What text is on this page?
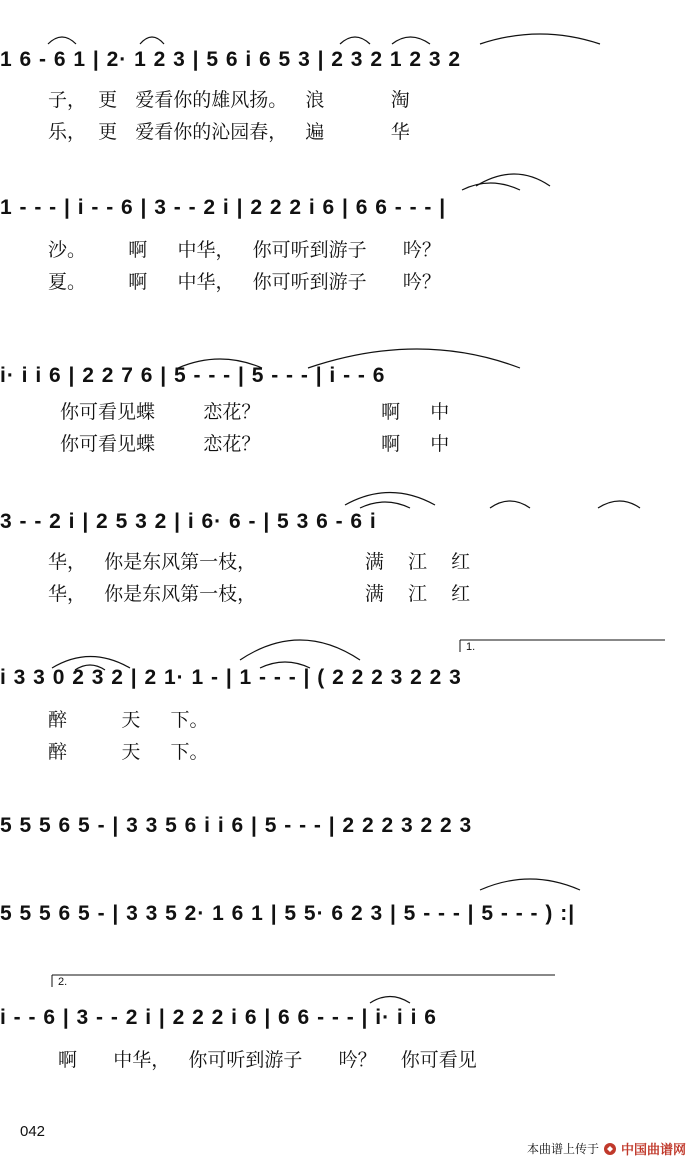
1.
2.
1 6 - 6 1 | 2· 1 2 3 | 5 6 i 6 5 3 | 2 3 2 1 2 3 2
子，  更   爱看你的雄风扬。   浪           淘
乐，  更   爱看你的沁园春，   遍           华
1 - - - | i - - 6 | 3 - - 2 i | 2 2 2 i 6 | 6 6 - - - |
沙。       啊     中华，   你可听到游子      吟？
夏。       啊     中华，   你可听到游子      吟？
i· i i 6 | 2 2 7 6 | 5 - - - | 5 - - - | i - - 6
你可看见蝶        恋花？                    啊     中
你可看见蝶        恋花？                    啊     中
3 - - 2 i | 2 5 3 2 | i 6· 6 - | 5 3 6 - 6 i
华，   你是东风第一枝，                  满    江    红
华，   你是东风第一枝，                  满    江    红
i 3 3 0 2 3 2 | 2 1· 1 - | 1 - - - | ( 2 2 2 3 2 2 3
醉         天     下。
醉         天     下。
5 5 5 6 5 - | 3 3 5 6 i i 6 | 5 - - - | 2 2 2 3 2 2 3
5 5 5 6 5 - | 3 3 5 2· 1 6 1 | 5 5· 6 2 3 | 5 - - - | 5 - - - ) :|
i - - 6 | 3 - - 2 i | 2 2 2 i 6 | 6 6 - - - | i· i i 6
啊      中华，   你可听到游子      吟？    你可看见
042
本曲谱上传于 中国曲谱网
